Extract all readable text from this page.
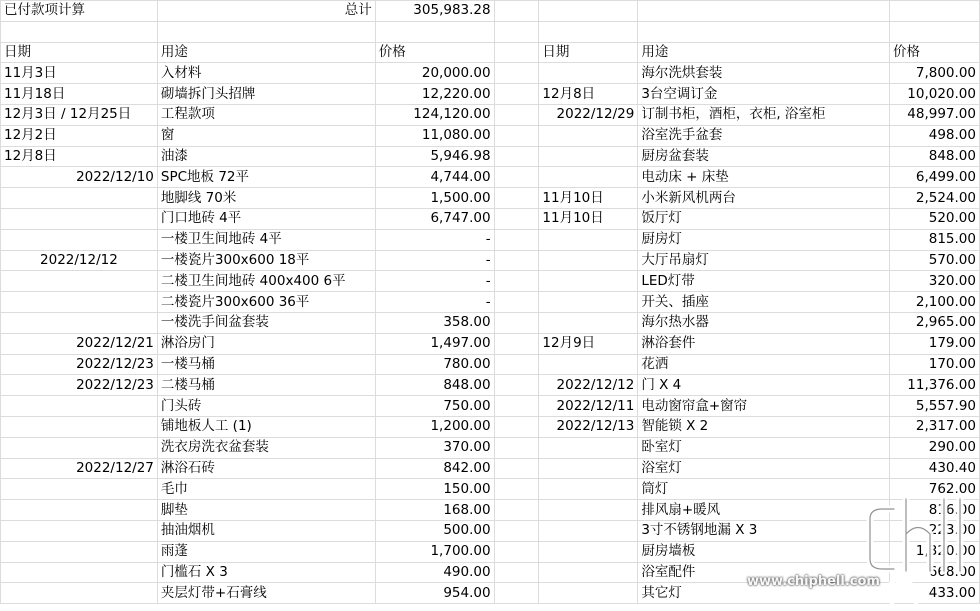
已付款项计算	总计	305,983.28				

日期	用途	价格		日期	用途	价格
11月3日	入材料	20,000.00			海尔洗烘套装	7,800.00
11月18日	砌墙拆门头招牌	12,220.00		12月8日	3台空调订金	10,020.00
12月3日 / 12月25日	工程款项	124,120.00		2022/12/29	订制书柜，酒柜，衣柜, 浴室柜	48,997.00
12月2日	窗	11,080.00			浴室洗手盆套	498.00
12月8日	油漆	5,946.98			厨房盆套装	848.00
2022/12/10	SPC地板 72平	4,744.00			电动床 + 床垫	6,499.00
	地脚线 70米	1,500.00		11月10日	小米新风机两台	2,524.00
	门口地砖 4平	6,747.00		11月10日	饭厅灯	520.00
	一楼卫生间地砖 4平	-			厨房灯	815.00
2022/12/12	一楼瓷片300x600 18平	-			大厅吊扇灯	570.00
	二楼卫生间地砖 400x400 6平	-			LED灯带	320.00
	二楼瓷片300x600 36平	-			开关、插座	2,100.00
	一楼洗手间盆套装	358.00			海尔热水器	2,965.00
2022/12/21	淋浴房门	1,497.00		12月9日	淋浴套件	179.00
2022/12/23	一楼马桶	780.00			花洒	170.00
2022/12/23	二楼马桶	848.00		2022/12/12	门 X 4	11,376.00
	门头砖	750.00		2022/12/11	电动窗帘盒+窗帘	5,557.90
	铺地板人工 (1)	1,200.00		2022/12/13	智能锁 X 2	2,317.00
	洗衣房洗衣盆套装	370.00			卧室灯	290.00
2022/12/27	淋浴石砖	842.00			浴室灯	430.40
	毛巾	150.00			筒灯	762.00
	脚垫	168.00			排风扇+暖风	816.00
	抽油烟机	500.00			3寸不锈钢地漏 X 3	223.00
	雨蓬	1,700.00			厨房墙板	1,320.00
	门槛石 X 3	490.00			浴室配件	668.00
	夹层灯带+石膏线	954.00			其它灯	433.00
www.chiphell.com
